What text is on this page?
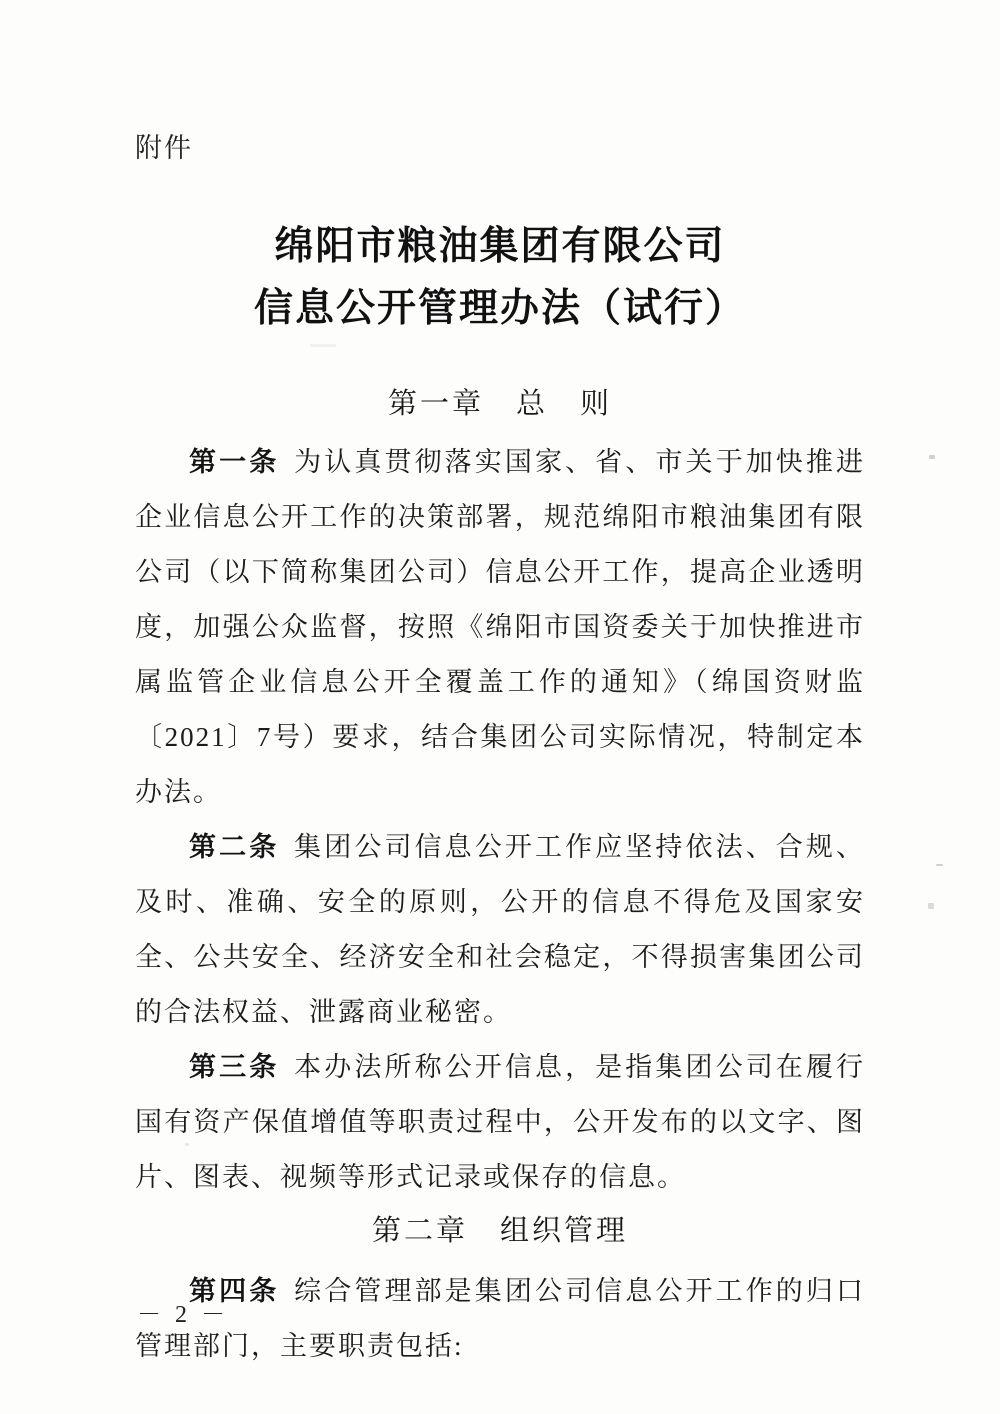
附件
绵阳市粮油集团有限公司
信息公开管理办法（试行）
第一章　总　则

第一条 为认真贯彻落实国家、省、市关于加快推进企业信息公开工作的决策部署，规范绵阳市粮油集团有限公司（以下简称集团公司）信息公开工作，提高企业透明度，加强公众监督，按照《绵阳市国资委关于加快推进市属监管企业信息公开全覆盖工作的通知》（绵国资财监〔2021〕7号）要求，结合集团公司实际情况，特制定本办法。

第二条 集团公司信息公开工作应坚持依法、合规、及时、准确、安全的原则，公开的信息不得危及国家安全、公共安全、经济安全和社会稳定，不得损害集团公司的合法权益、泄露商业秘密。

第三条 本办法所称公开信息，是指集团公司在履行国有资产保值增值等职责过程中，公开发布的以文字、图片、图表、视频等形式记录或保存的信息。

第二章　组织管理

第四条 综合管理部是集团公司信息公开工作的归口管理部门，主要职责包括:

－ 2 －
